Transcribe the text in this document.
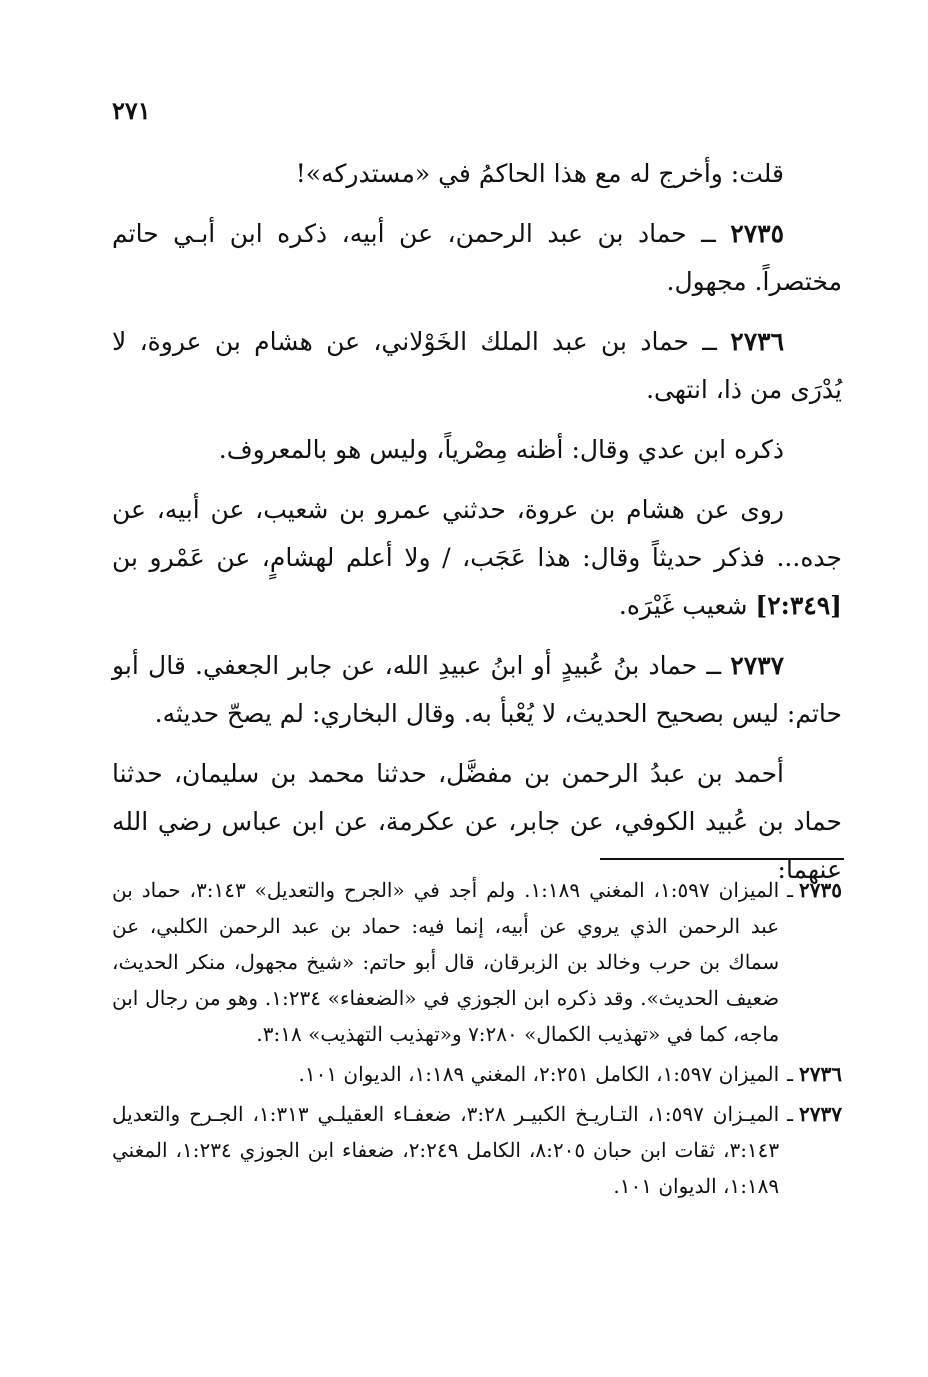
٢٧١

قلت: وأخرج له مع هذا الحاكمُ في «مستدركه»!

٢٧٣٥ ــ حماد بن عبد الرحمن، عن أبيه، ذكره ابن أبـي حاتم مختصراً. مجهول.

٢٧٣٦ ــ حماد بن عبد الملك الخَوْلاني، عن هشام بن عروة، لا يُدْرَى من ذا، انتهى.

ذكره ابن عدي وقال: أظنه مِصْرياً، وليس هو بالمعروف.

روى عن هشام بن عروة، حدثني عمرو بن شعيب، عن أبيه، عن جده... فذكر حديثاً وقال: هذا عَجَب، / ولا أعلم لهشامٍ، عن عَمْرو بن [٢:٣٤٩] شعيب غَيْرَه.

٢٧٣٧ ــ حماد بنُ عُبيدٍ أو ابنُ عبيدِ الله، عن جابر الجعفي. قال أبو حاتم: ليس بصحيح الحديث، لا يُعْبأ به. وقال البخاري: لم يصحّ حديثه.

أحمد بن عبدُ الرحمن بن مفضَّل، حدثنا محمد بن سليمان، حدثنا حماد بن عُبيد الكوفي، عن جابر، عن عكرمة، عن ابن عباس رضي الله عنهما:

٢٧٣٥
ـ
الميزان ١:٥٩٧، المغني ١:١٨٩. ولم أجد في «الجرح والتعديل» ٣:١٤٣، حماد بن عبد الرحمن الذي يروي عن أبيه، إنما فيه: حماد بن عبد الرحمن الكلبي، عن سماك بن حرب وخالد بن الزبرقان، قال أبو حاتم: «شيخ مجهول، منكر الحديث، ضعيف الحديث». وقد ذكره ابن الجوزي في «الضعفاء» ١:٢٣٤. وهو من رجال ابن ماجه، كما في «تهذيب الكمال» ٧:٢٨٠ و«تهذيب التهذيب» ٣:١٨.
٢٧٣٦
ـ
الميزان ١:٥٩٧، الكامل ٢:٢٥١، المغني ١:١٨٩، الديوان ١٠١.
٢٧٣٧
ـ
الميـزان ١:٥٩٧، التـاريـخ الكبيـر ٣:٢٨، ضعفـاء العقيلـي ١:٣١٣، الجـرح والتعديل ٣:١٤٣، ثقات ابن حبان ٨:٢٠٥، الكامل ٢:٢٤٩، ضعفاء ابن الجوزي ١:٢٣٤، المغني ١:١٨٩، الديوان ١٠١.
